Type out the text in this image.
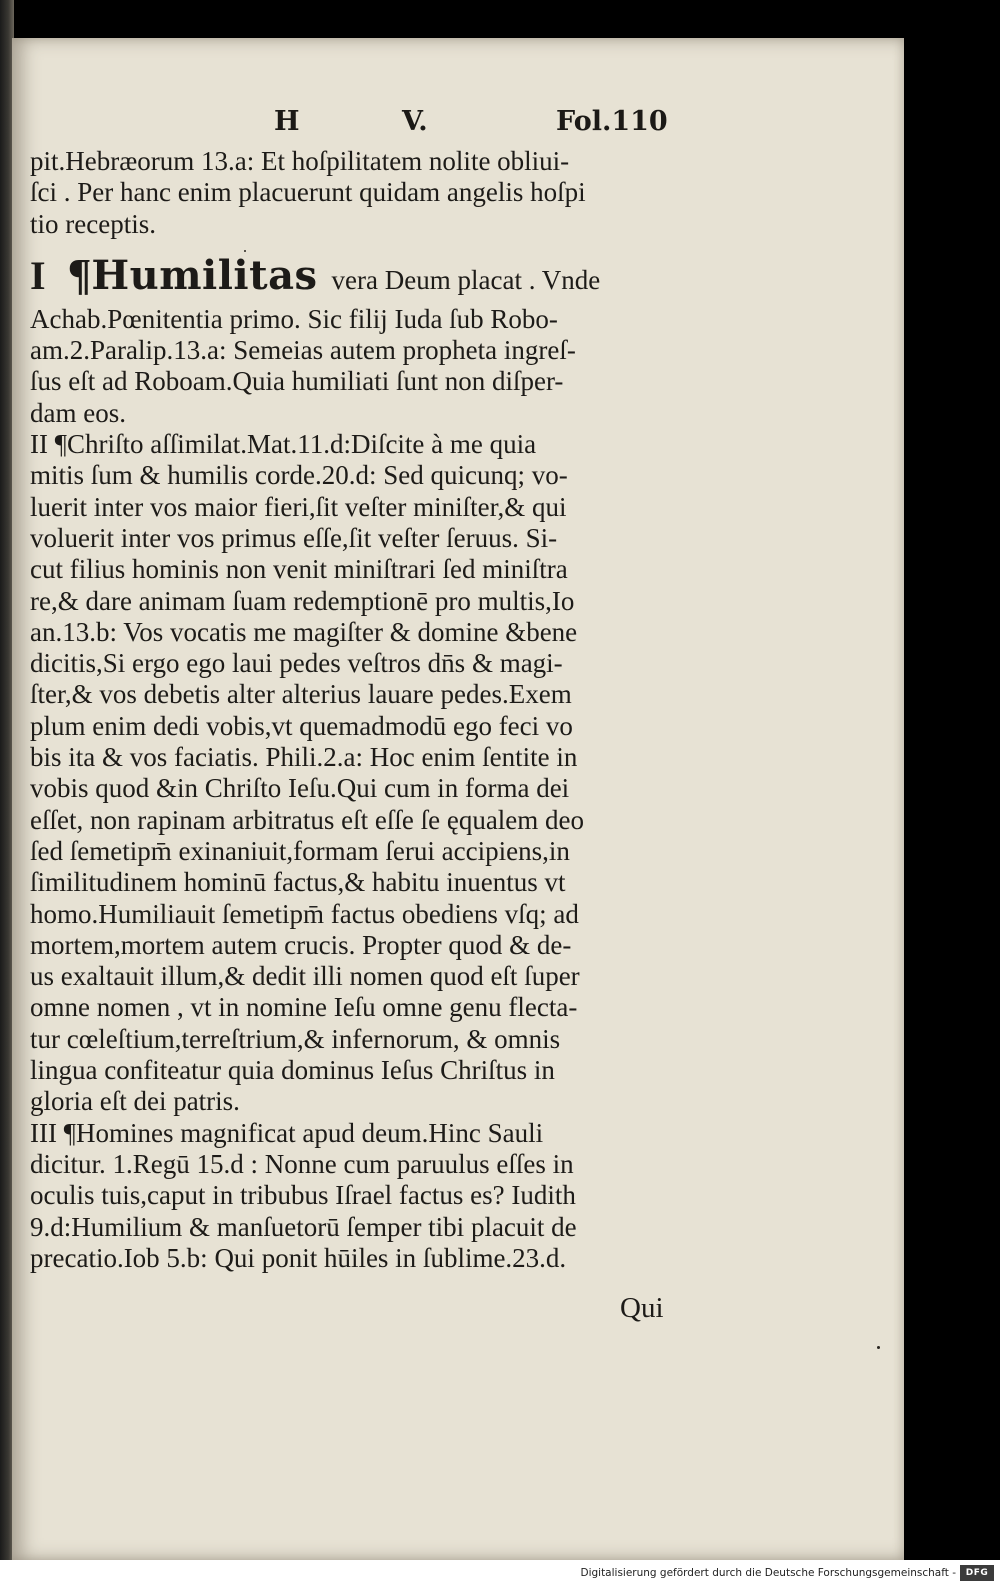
H	V.	Fol.110
pit.Hebræorum 13.a: Et hoſpilitatem nolite obliui-
ſci . Per hanc enim placuerunt quidam angelis hoſpi
tio receptis.
I ¶Humilitas vera Deum placat . Vnde
Achab.Pœnitentia primo. Sic filij Iuda ſub Robo-
am.2.Paralip.13.a: Semeias autem propheta ingreſ-
ſus eſt ad Roboam.Quia humiliati ſunt non diſper-
dam eos.
II ¶Chriſto aſſimilat.Mat.11.d:Diſcite à me quia
mitis ſum & humilis corde.20.d: Sed quicunq; vo-
luerit inter vos maior fieri,ſit veſter miniſter,& qui
voluerit inter vos primus eſſe,ſit veſter ſeruus. Si-
cut filius hominis non venit miniſtrari ſed miniſtra
re,& dare animam ſuam redemptionē pro multis,Io
an.13.b: Vos vocatis me magiſter & domine &bene
dicitis,Si ergo ego laui pedes veſtros dn̄s & magi-
ſter,& vos debetis alter alterius lauare pedes.Exem
plum enim dedi vobis,vt quemadmodū ego feci vo
bis ita & vos faciatis. Phili.2.a: Hoc enim ſentite in
vobis quod &in Chriſto Ieſu.Qui cum in forma dei
eſſet, non rapinam arbitratus eſt eſſe ſe ęqualem deo
ſed ſemetipm̄ exinaniuit,formam ſerui accipiens,in
ſimilitudinem hominū factus,& habitu inuentus vt
homo.Humiliauit ſemetipm̄ factus obediens vſq; ad
mortem,mortem autem crucis. Propter quod & de-
us exaltauit illum,& dedit illi nomen quod eſt ſuper
omne nomen , vt in nomine Ieſu omne genu flecta-
tur cœleſtium,terreſtrium,& infernorum, & omnis
lingua confiteatur quia dominus Ieſus Chriſtus in
gloria eſt dei patris.
III ¶Homines magnificat apud deum.Hinc Sauli
dicitur. 1.Regū 15.d : Nonne cum paruulus eſſes in
oculis tuis,caput in tribubus Iſrael factus es? Iudith
9.d:Humilium & manſuetorū ſemper tibi placuit de
precatio.Iob 5.b: Qui ponit hūiles in ſublime.23.d.
Qui
Digitalisierung gefördert durch die Deutsche Forschungsgemeinschaft -	DFG
